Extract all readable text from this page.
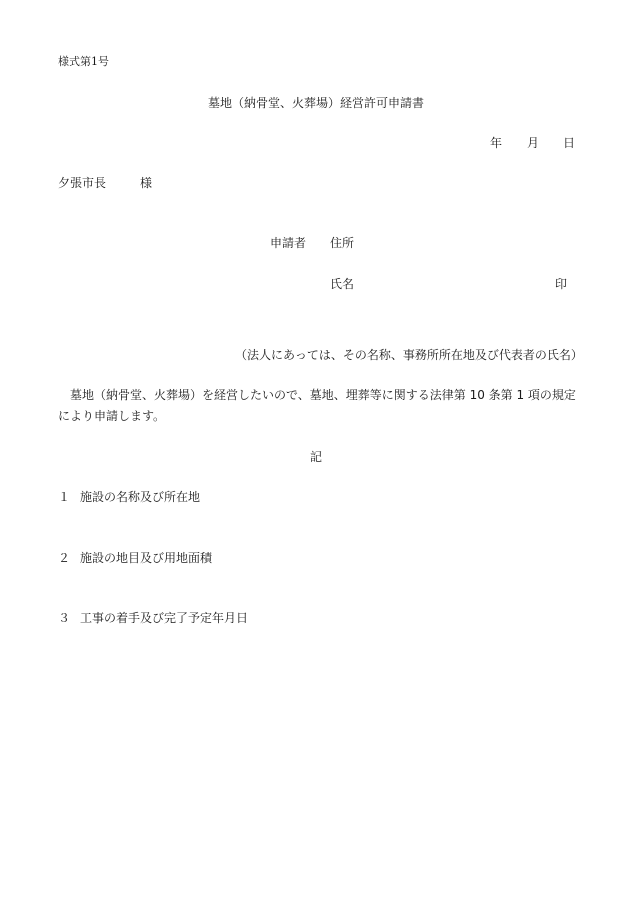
様式第1号
墓地（納骨堂、火葬場）経営許可申請書
年 月 日
夕張市長	様
申請者 住所
氏名	印
（法人にあっては、その名称、事務所所在地及び代表者の氏名）
墓地（納骨堂、火葬場）を経営したいので、墓地、埋葬等に関する法律第 10 条第 1 項の規定
により申請します。
記
１ 施設の名称及び所在地
２ 施設の地目及び用地面積
３ 工事の着手及び完了予定年月日
